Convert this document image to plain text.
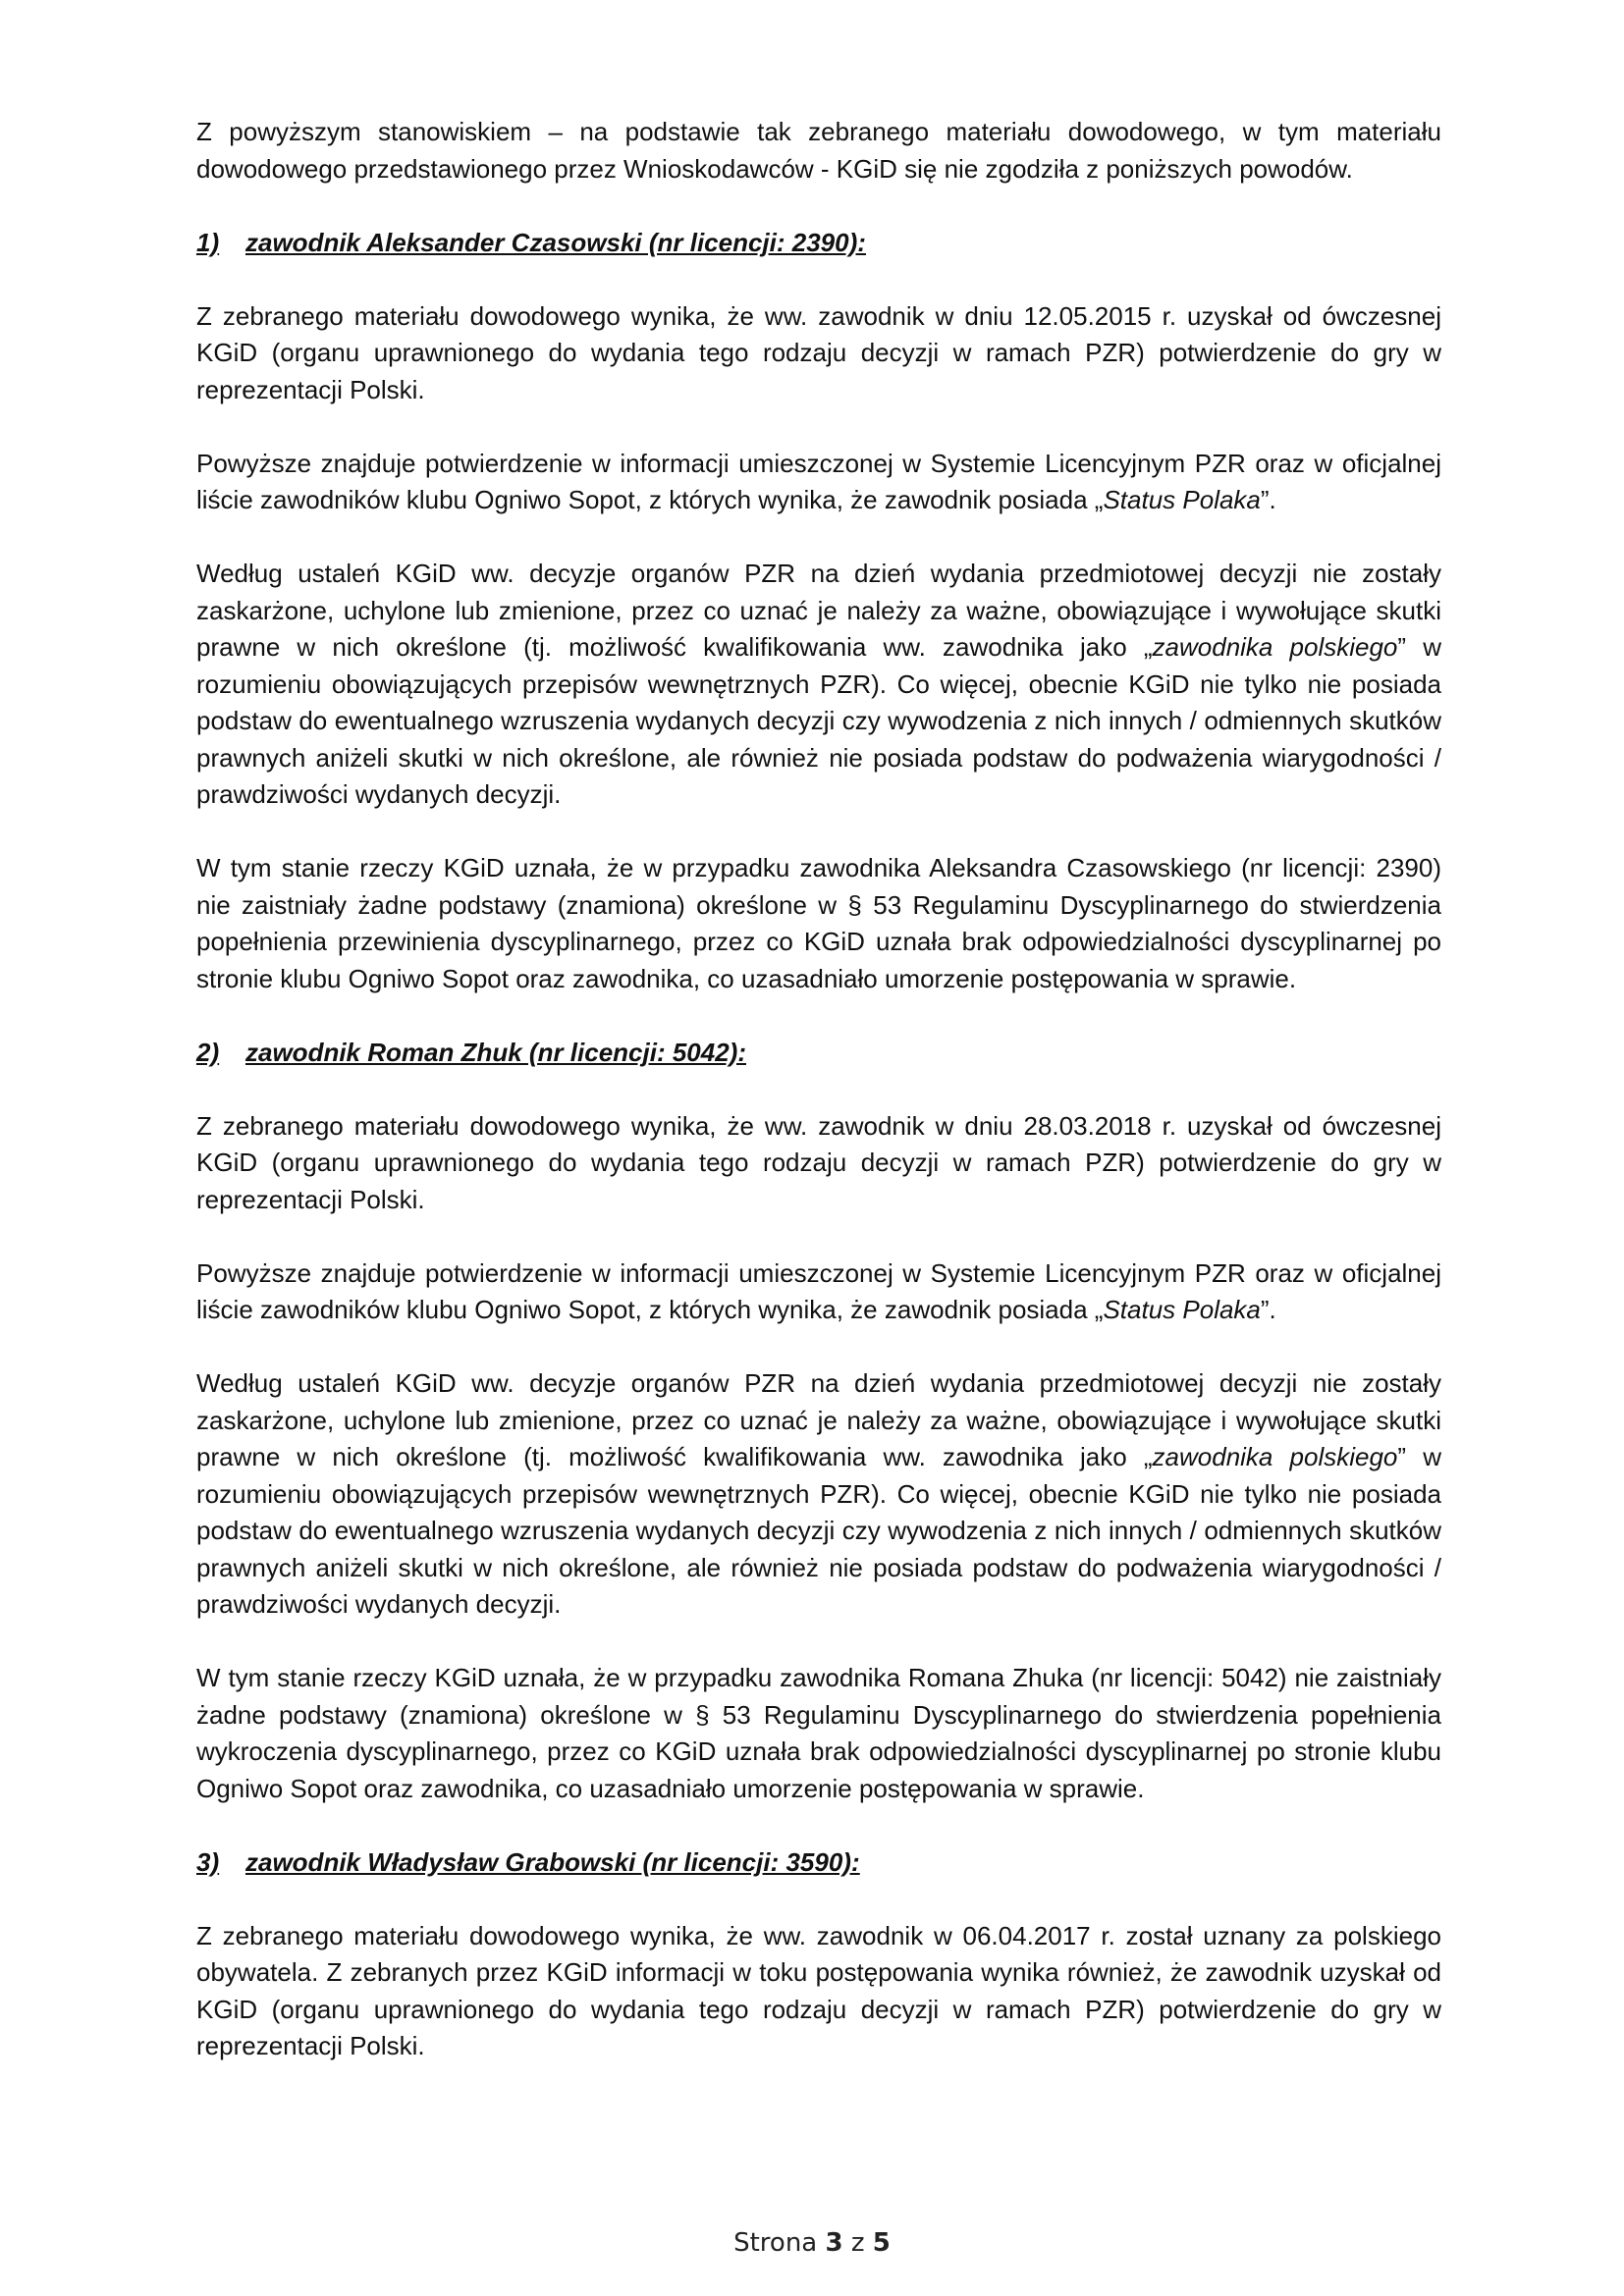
Z powyższym stanowiskiem – na podstawie tak zebranego materiału dowodowego, w tym materiału dowodowego przedstawionego przez Wnioskodawców - KGiD się nie zgodziła z poniższych powodów.

1)	zawodnik Aleksander Czasowski (nr licencji: 2390):

Z zebranego materiału dowodowego wynika, że ww. zawodnik w dniu 12.05.2015 r. uzyskał od ówczesnej KGiD (organu uprawnionego do wydania tego rodzaju decyzji w ramach PZR) potwierdzenie do gry w reprezentacji Polski.

Powyższe znajduje potwierdzenie w informacji umieszczonej w Systemie Licencyjnym PZR oraz w oficjalnej liście zawodników klubu Ogniwo Sopot, z których wynika, że zawodnik posiada „Status Polaka”.

Według ustaleń KGiD ww. decyzje organów PZR na dzień wydania przedmiotowej decyzji nie zostały zaskarżone, uchylone lub zmienione, przez co uznać je należy za ważne, obowiązujące i wywołujące skutki prawne w nich określone (tj. możliwość kwalifikowania ww. zawodnika jako „zawodnika polskiego” w rozumieniu obowiązujących przepisów wewnętrznych PZR). Co więcej, obecnie KGiD nie tylko nie posiada podstaw do ewentualnego wzruszenia wydanych decyzji czy wywodzenia z nich innych / odmiennych skutków prawnych aniżeli skutki w nich określone, ale również nie posiada podstaw do podważenia wiarygodności / prawdziwości wydanych decyzji.

W tym stanie rzeczy KGiD uznała, że w przypadku zawodnika Aleksandra Czasowskiego (nr licencji: 2390) nie zaistniały żadne podstawy (znamiona) określone w § 53 Regulaminu Dyscyplinarnego do stwierdzenia popełnienia przewinienia dyscyplinarnego, przez co KGiD uznała brak odpowiedzialności dyscyplinarnej po stronie klubu Ogniwo Sopot oraz zawodnika, co uzasadniało umorzenie postępowania w sprawie.

2)	zawodnik Roman Zhuk (nr licencji: 5042):

Z zebranego materiału dowodowego wynika, że ww. zawodnik w dniu 28.03.2018 r. uzyskał od ówczesnej KGiD (organu uprawnionego do wydania tego rodzaju decyzji w ramach PZR) potwierdzenie do gry w reprezentacji Polski.

Powyższe znajduje potwierdzenie w informacji umieszczonej w Systemie Licencyjnym PZR oraz w oficjalnej liście zawodników klubu Ogniwo Sopot, z których wynika, że zawodnik posiada „Status Polaka”.

Według ustaleń KGiD ww. decyzje organów PZR na dzień wydania przedmiotowej decyzji nie zostały zaskarżone, uchylone lub zmienione, przez co uznać je należy za ważne, obowiązujące i wywołujące skutki prawne w nich określone (tj. możliwość kwalifikowania ww. zawodnika jako „zawodnika polskiego” w rozumieniu obowiązujących przepisów wewnętrznych PZR). Co więcej, obecnie KGiD nie tylko nie posiada podstaw do ewentualnego wzruszenia wydanych decyzji czy wywodzenia z nich innych / odmiennych skutków prawnych aniżeli skutki w nich określone, ale również nie posiada podstaw do podważenia wiarygodności / prawdziwości wydanych decyzji.

W tym stanie rzeczy KGiD uznała, że w przypadku zawodnika Romana Zhuka (nr licencji: 5042) nie zaistniały żadne podstawy (znamiona) określone w § 53 Regulaminu Dyscyplinarnego do stwierdzenia popełnienia wykroczenia dyscyplinarnego, przez co KGiD uznała brak odpowiedzialności dyscyplinarnej po stronie klubu Ogniwo Sopot oraz zawodnika, co uzasadniało umorzenie postępowania w sprawie.

3)	zawodnik Władysław Grabowski (nr licencji: 3590):

Z zebranego materiału dowodowego wynika, że ww. zawodnik w 06.04.2017 r. został uznany za polskiego obywatela. Z zebranych przez KGiD informacji w toku postępowania wynika również, że zawodnik uzyskał od KGiD (organu uprawnionego do wydania tego rodzaju decyzji w ramach PZR) potwierdzenie do gry w reprezentacji Polski.

Strona 3 z 5
